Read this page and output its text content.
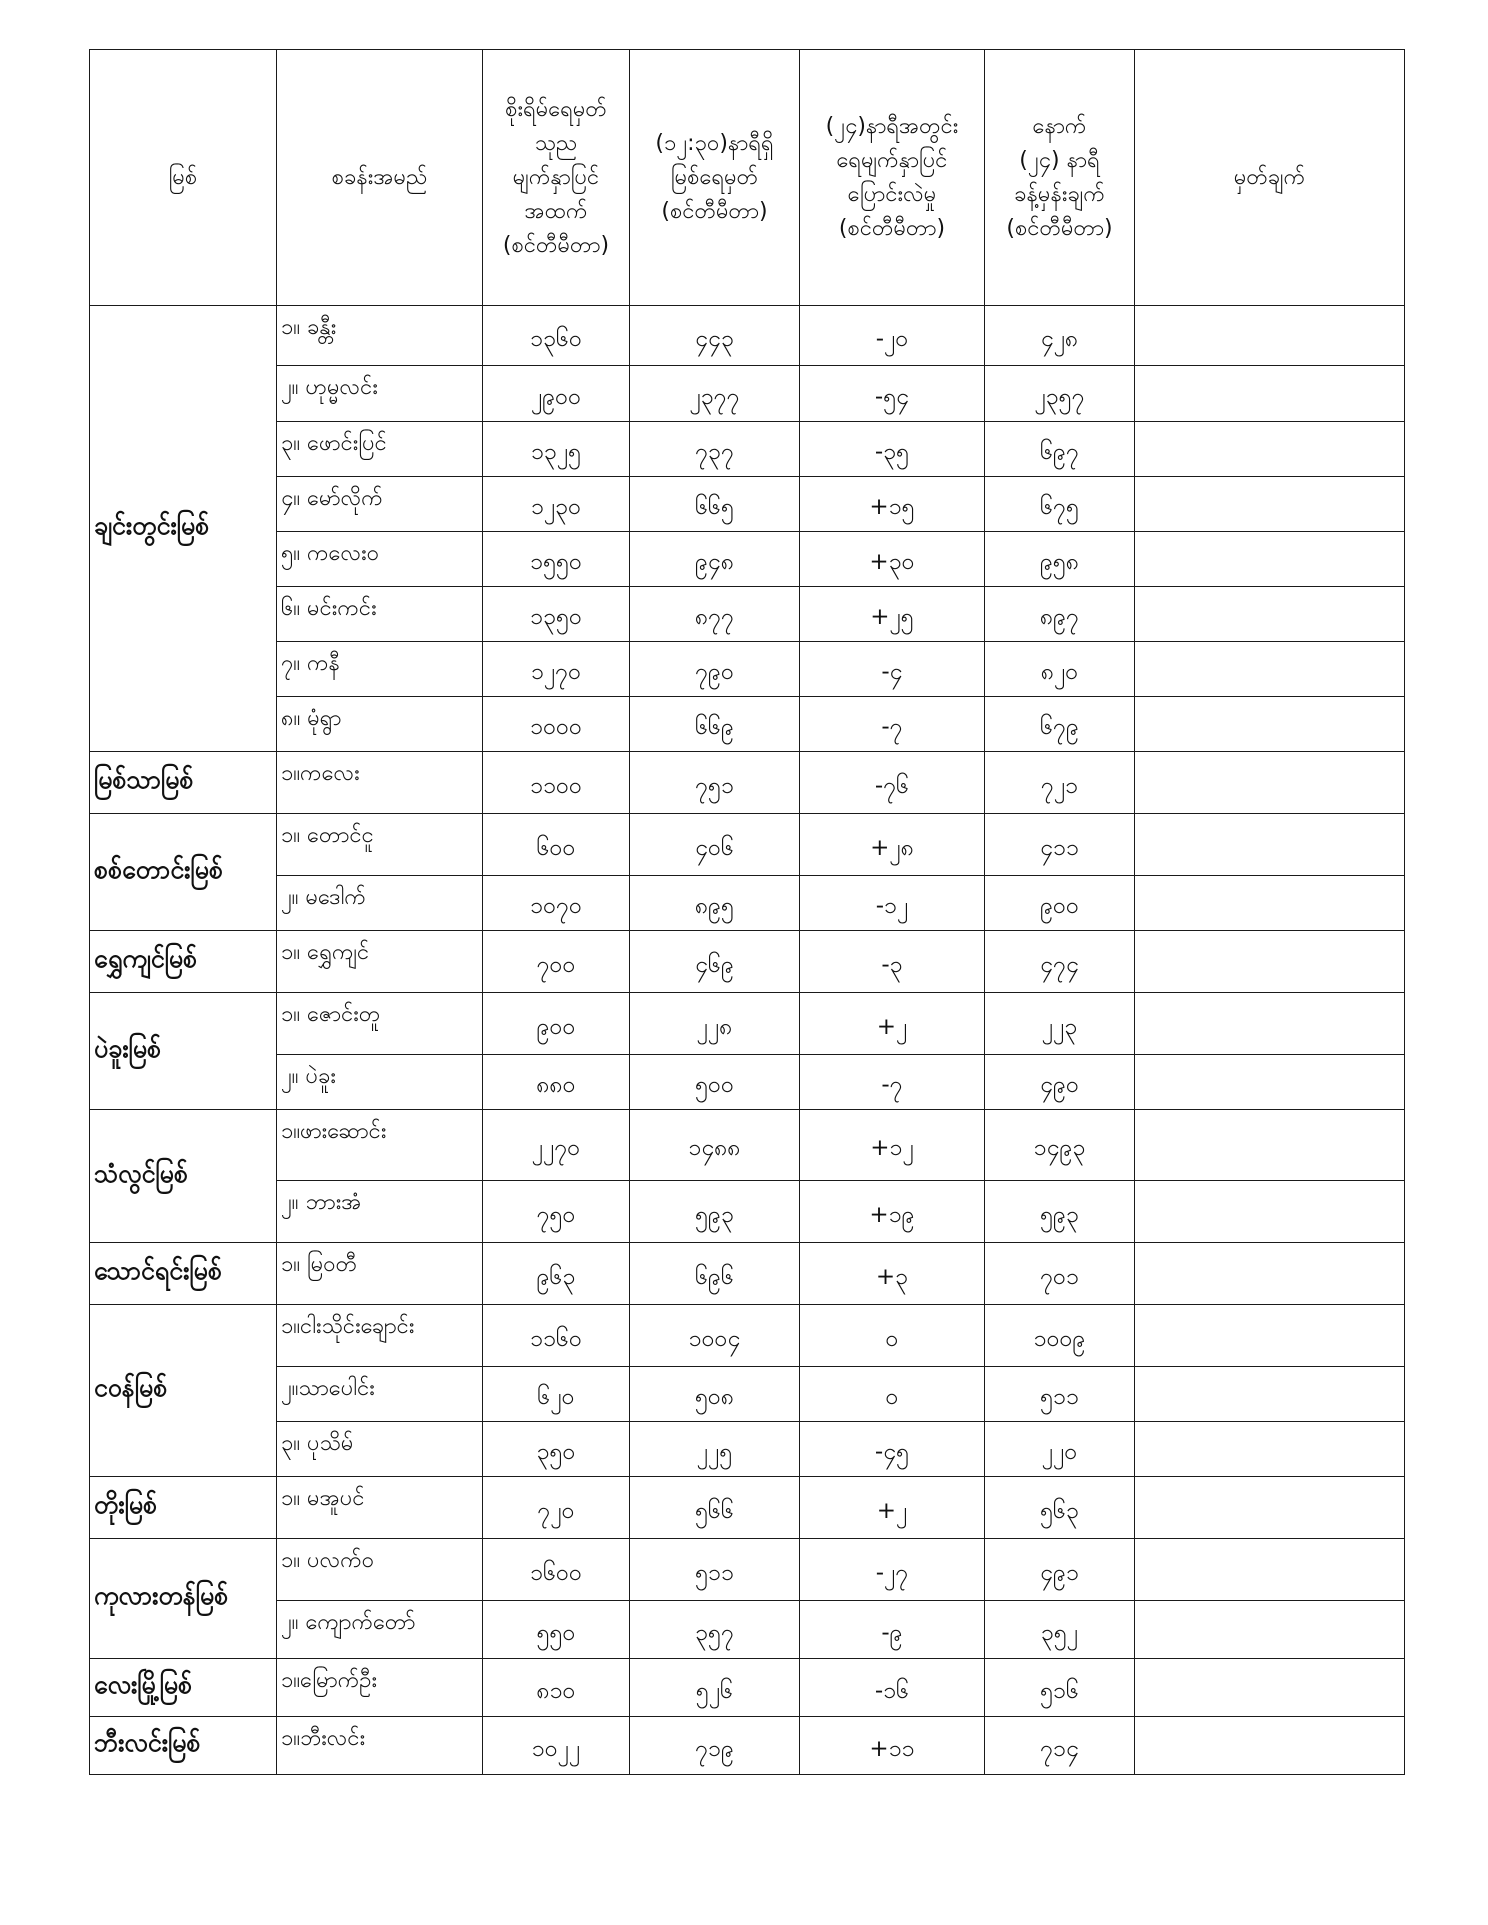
မြစ်	စခန်းအမည်	စိုးရိမ်ရေမှတ်
သုည
မျက်နှာပြင်
အထက်
(စင်တီမီတာ)	(၁၂:၃၀)နာရီရှိ
မြစ်ရေမှတ်
(စင်တီမီတာ)	(၂၄)နာရီအတွင်း
ရေမျက်နှာပြင်
ပြောင်းလဲမှု
(စင်တီမီတာ)	နောက်
(၂၄) နာရီ
ခန့်မှန်းချက်
(စင်တီမီတာ)	မှတ်ချက်
ချင်းတွင်းမြစ်	၁။ ခန္တီး	၁၃၆၀	၄၄၃	-၂၀	၄၂၈	
	၂။ ဟုမ္မလင်း	၂၉၀၀	၂၃၇၇	-၅၄	၂၃၅၇	
	၃။ ဖောင်းပြင်	၁၃၂၅	၇၃၇	-၃၅	၆၉၇	
	၄။ မော်လိုက်	၁၂၃၀	၆၆၅	+၁၅	၆၇၅	
	၅။ ကလေးဝ	၁၅၅၀	၉၄၈	+၃၀	၉၅၈	
	၆။ မင်းကင်း	၁၃၅၀	၈၇၇	+၂၅	၈၉၇	
	၇။ ကနီ	၁၂၇၀	၇၉၀	-၄	၈၂၀	
	၈။ မုံရွာ	၁၀၀၀	၆၆၉	-၇	၆၇၉	
မြစ်သာမြစ်	၁။ကလေး	၁၁၀၀	၇၅၁	-၇၆	၇၂၁	
စစ်တောင်းမြစ်	၁။ တောင်ငူ	၆၀၀	၄၀၆	+၂၈	၄၁၁	
	၂။ မဒေါက်	၁၀၇၀	၈၉၅	-၁၂	၉၀၀	
ရွှေကျင်မြစ်	၁။ ရွှေကျင်	၇၀၀	၄၆၉	-၃	၄၇၄	
ပဲခူးမြစ်	၁။ ဇောင်းတူ	၉၀၀	၂၂၈	+၂	၂၂၃	
	၂။ ပဲခူး	၈၈၀	၅၀၀	-၇	၄၉၀	
သံလွင်မြစ်	၁။ဖားဆောင်း	၂၂၇၀	၁၄၈၈	+၁၂	၁၄၉၃	
	၂။ ဘားအံ	၇၅၀	၅၉၃	+၁၉	၅၉၃	
သောင်ရင်းမြစ်	၁။ မြဝတီ	၉၆၃	၆၉၆	+၃	၇၀၁	
ငဝန်မြစ်	၁။ငါးသိုင်းချောင်း	၁၁၆၀	၁၀၀၄	၀	၁၀၀၉	
	၂။သာပေါင်း	၆၂၀	၅၀၈	၀	၅၁၁	
	၃။ ပုသိမ်	၃၅၀	၂၂၅	-၄၅	၂၂၀	
တိုးမြစ်	၁။ မအူပင်	၇၂၀	၅၆၆	+၂	၅၆၃	
ကုလားတန်မြစ်	၁။ ပလက်ဝ	၁၆၀၀	၅၁၁	-၂၇	၄၉၁	
	၂။ ကျောက်တော်	၅၅၀	၃၅၇	-၉	၃၅၂	
လေးမြို့မြစ်	၁။မြောက်ဦး	၈၁၀	၅၂၆	-၁၆	၅၁၆	
ဘီးလင်းမြစ်	၁။ဘီးလင်း	၁၀၂၂	၇၁၉	+၁၁	၇၁၄	
